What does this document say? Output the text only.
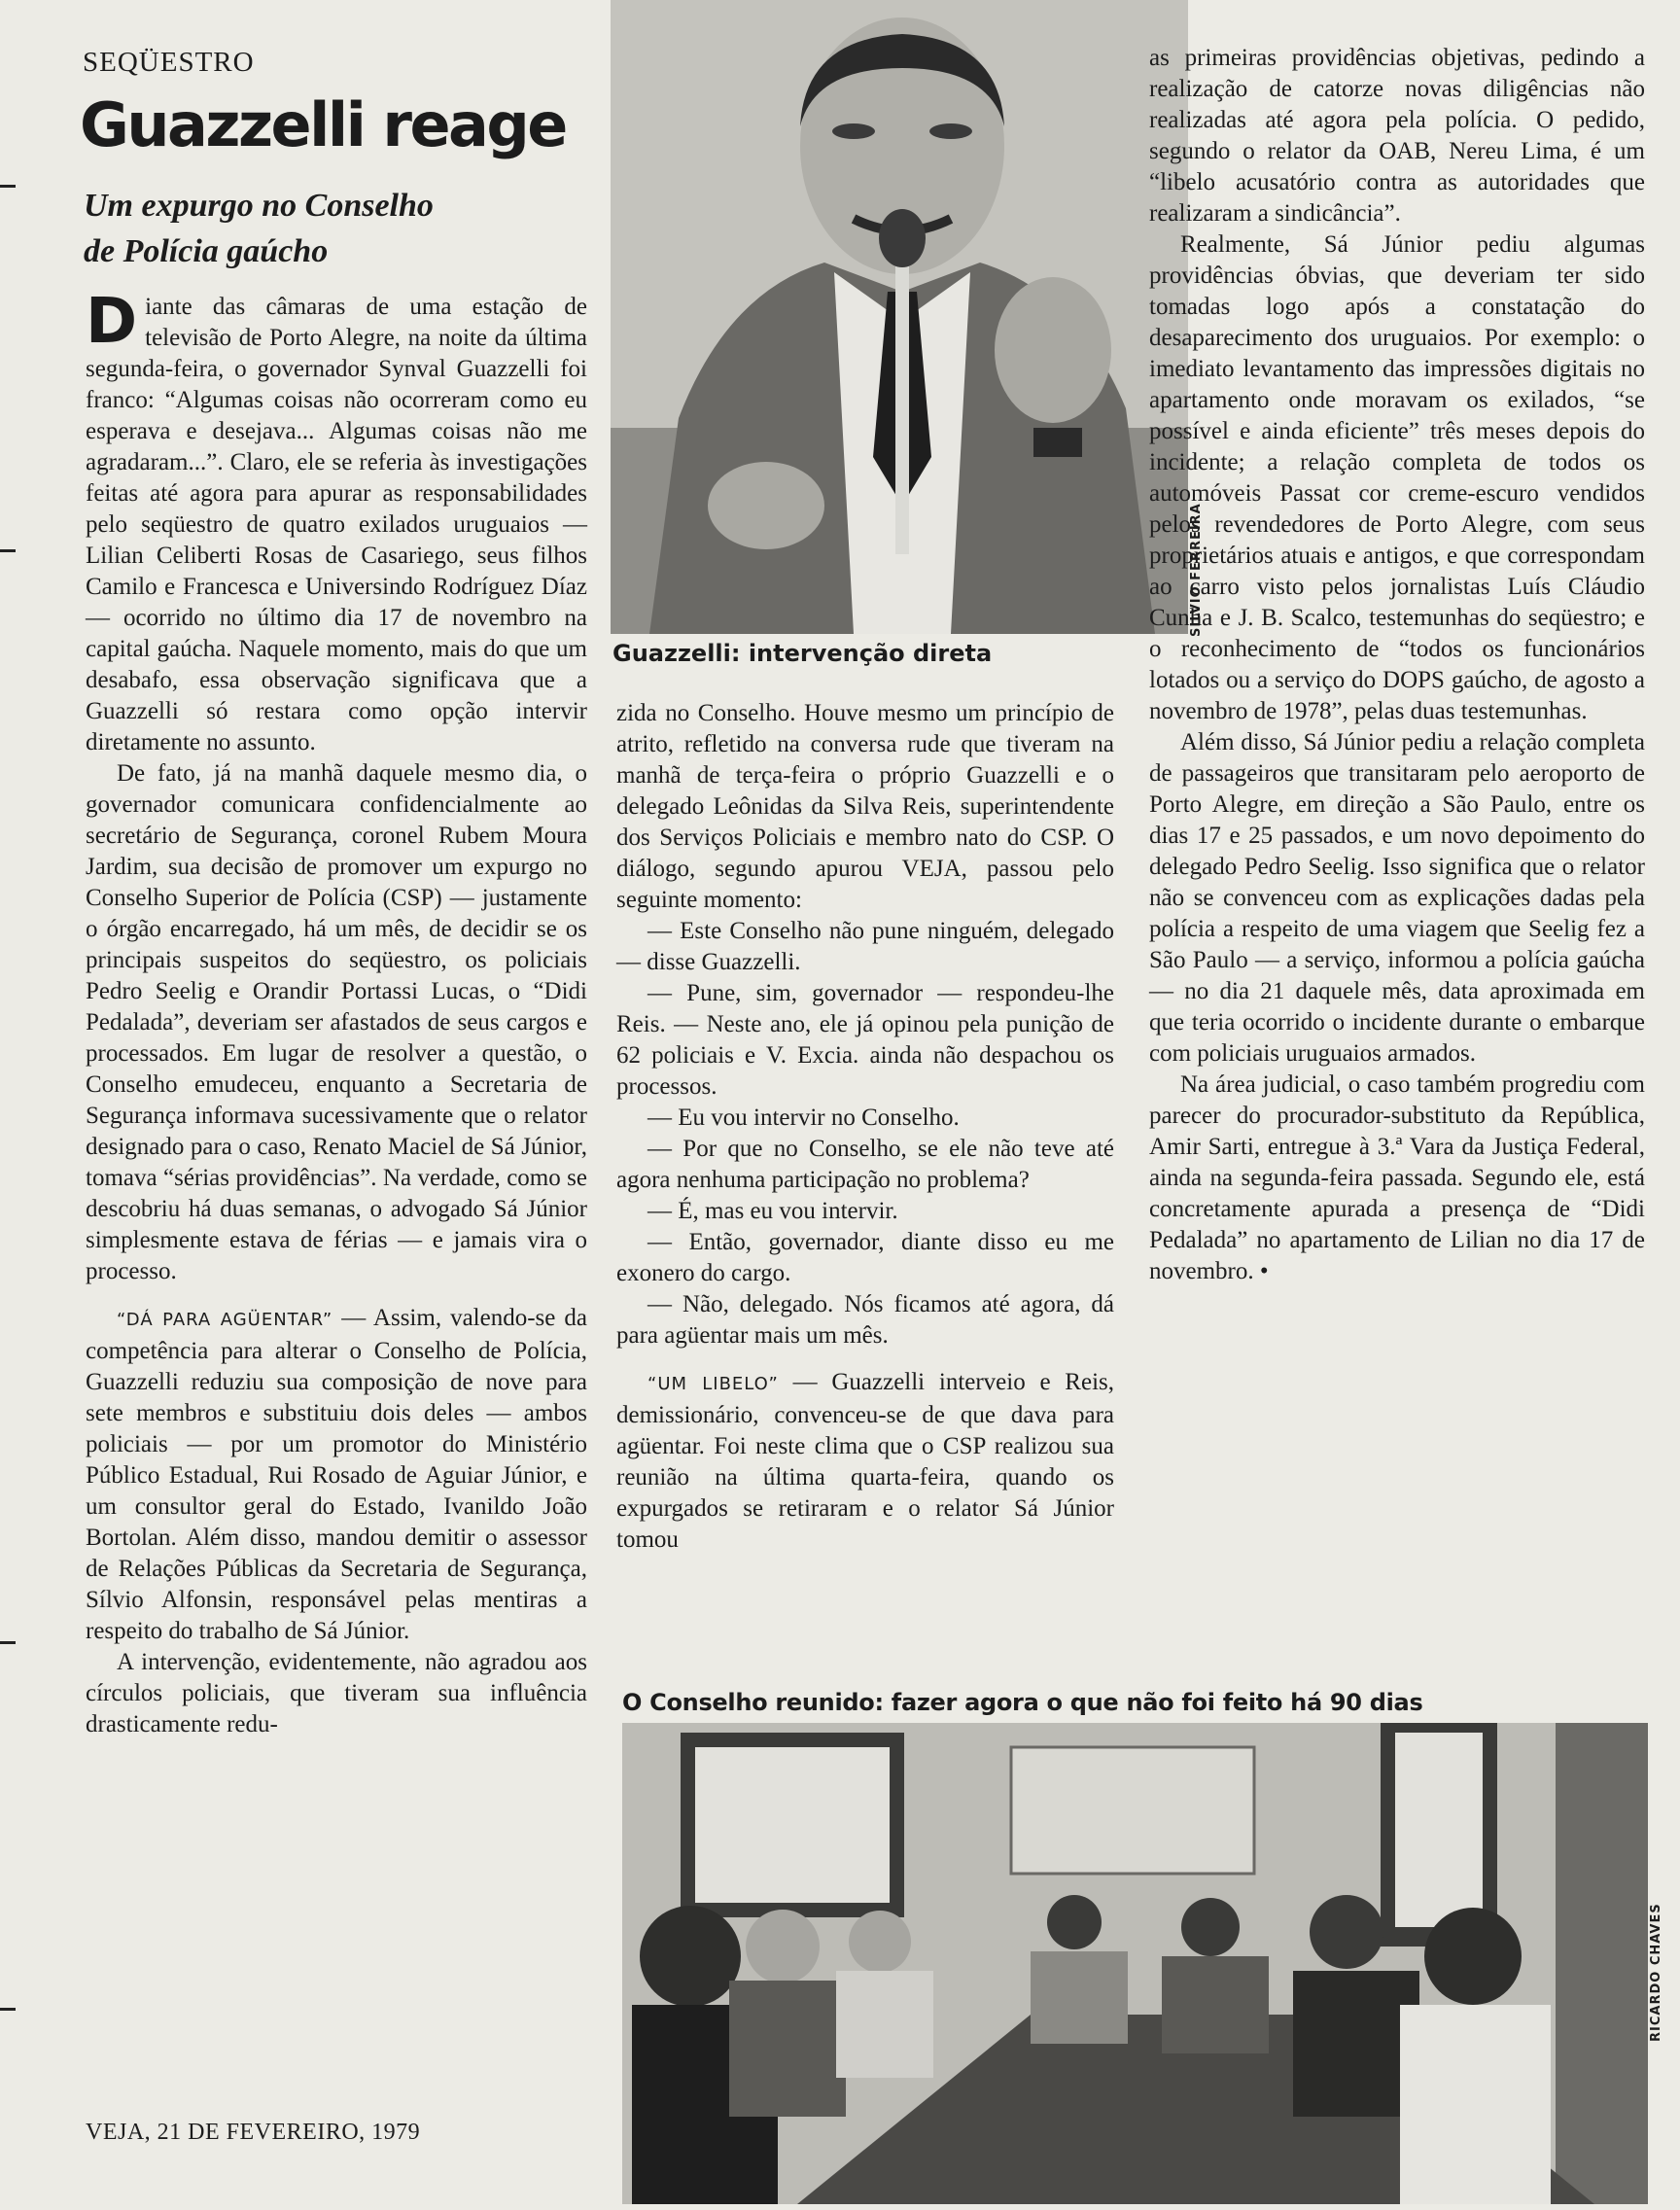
SEQÜESTRO
Guazzelli reage
Um expurgo no Conselho
de Polícia gaúcho

Diante das câmaras de uma estação de televisão de Porto Alegre, na noite da última segunda-feira, o governador Synval Guazzelli foi franco: “Algumas coisas não ocorreram como eu esperava e desejava... Algumas coisas não me agradaram...”. Claro, ele se referia às investigações feitas até agora para apurar as responsabilidades pelo seqüestro de quatro exilados uruguaios — Lilian Celiberti Rosas de Casariego, seus filhos Camilo e Francesca e Universindo Rodríguez Díaz — ocorrido no último dia 17 de novembro na capital gaúcha. Naquele momento, mais do que um desabafo, essa observação significava que a Guazzelli só restara como opção intervir diretamente no assunto.

De fato, já na manhã daquele mesmo dia, o governador comunicara confidencialmente ao secretário de Segurança, coronel Rubem Moura Jardim, sua decisão de promover um expurgo no Conselho Superior de Polícia (CSP) — justamente o órgão encarregado, há um mês, de decidir se os principais suspeitos do seqüestro, os policiais Pedro Seelig e Orandir Portassi Lucas, o “Didi Pedalada”, deveriam ser afastados de seus cargos e processados. Em lugar de resolver a questão, o Conselho emudeceu, enquanto a Secretaria de Segurança informava sucessivamente que o relator designado para o caso, Renato Maciel de Sá Júnior, tomava “sérias providências”. Na verdade, como se descobriu há duas semanas, o advogado Sá Júnior simplesmente estava de férias — e jamais vira o processo.

“DÁ PARA AGÜENTAR” — Assim, valendo-se da competência para alterar o Conselho de Polícia, Guazzelli reduziu sua composição de nove para sete membros e substituiu dois deles — ambos policiais — por um promotor do Ministério Público Estadual, Rui Rosado de Aguiar Júnior, e um consultor geral do Estado, Ivanildo João Bortolan. Além disso, mandou demitir o assessor de Relações Públicas da Secretaria de Segurança, Sílvio Alfonsin, responsável pelas mentiras a respeito do trabalho de Sá Júnior.

A intervenção, evidentemente, não agradou aos círculos policiais, que tiveram sua influência drasticamente redu-

Guazzelli: intervenção direta
SILVIO FERREIRA

zida no Conselho. Houve mesmo um princípio de atrito, refletido na conversa rude que tiveram na manhã de terça-feira o próprio Guazzelli e o delegado Leônidas da Silva Reis, superintendente dos Serviços Policiais e membro nato do CSP. O diálogo, segundo apurou VEJA, passou pelo seguinte momento:

— Este Conselho não pune ninguém, delegado — disse Guazzelli.

— Pune, sim, governador — respondeu-lhe Reis. — Neste ano, ele já opinou pela punição de 62 policiais e V. Excia. ainda não despachou os processos.

— Eu vou intervir no Conselho.

— Por que no Conselho, se ele não teve até agora nenhuma participação no problema?

— É, mas eu vou intervir.

— Então, governador, diante disso eu me exonero do cargo.

— Não, delegado. Nós ficamos até agora, dá para agüentar mais um mês.

“UM LIBELO” — Guazzelli interveio e Reis, demissionário, convenceu-se de que dava para agüentar. Foi neste clima que o CSP realizou sua reunião na última quarta-feira, quando os expurgados se retiraram e o relator Sá Júnior tomou

as primeiras providências objetivas, pedindo a realização de catorze novas diligências não realizadas até agora pela polícia. O pedido, segundo o relator da OAB, Nereu Lima, é um “libelo acusatório contra as autoridades que realizaram a sindicância”.

Realmente, Sá Júnior pediu algumas providências óbvias, que deveriam ter sido tomadas logo após a constatação do desaparecimento dos uruguaios. Por exemplo: o imediato levantamento das impressões digitais no apartamento onde moravam os exilados, “se possível e ainda eficiente” três meses depois do incidente; a relação completa de todos os automóveis Passat cor creme-escuro vendidos pelos revendedores de Porto Alegre, com seus proprietários atuais e antigos, e que correspondam ao carro visto pelos jornalistas Luís Cláudio Cunha e J. B. Scalco, testemunhas do seqüestro; e o reconhecimento de “todos os funcionários lotados ou a serviço do DOPS gaúcho, de agosto a novembro de 1978”, pelas duas testemunhas.

Além disso, Sá Júnior pediu a relação completa de passageiros que transitaram pelo aeroporto de Porto Alegre, em direção a São Paulo, entre os dias 17 e 25 passados, e um novo depoimento do delegado Pedro Seelig. Isso significa que o relator não se convenceu com as explicações dadas pela polícia a respeito de uma viagem que Seelig fez a São Paulo — a serviço, informou a polícia gaúcha — no dia 21 daquele mês, data aproximada em que teria ocorrido o incidente durante o embarque com policiais uruguaios armados.

Na área judicial, o caso também progrediu com parecer do procurador-substituto da República, Amir Sarti, entregue à 3.ª Vara da Justiça Federal, ainda na segunda-feira passada. Segundo ele, está concretamente apurada a presença de “Didi Pedalada” no apartamento de Lilian no dia 17 de novembro. •

O Conselho reunido: fazer agora o que não foi feito há 90 dias
RICARDO CHAVES
VEJA, 21 DE FEVEREIRO, 1979
